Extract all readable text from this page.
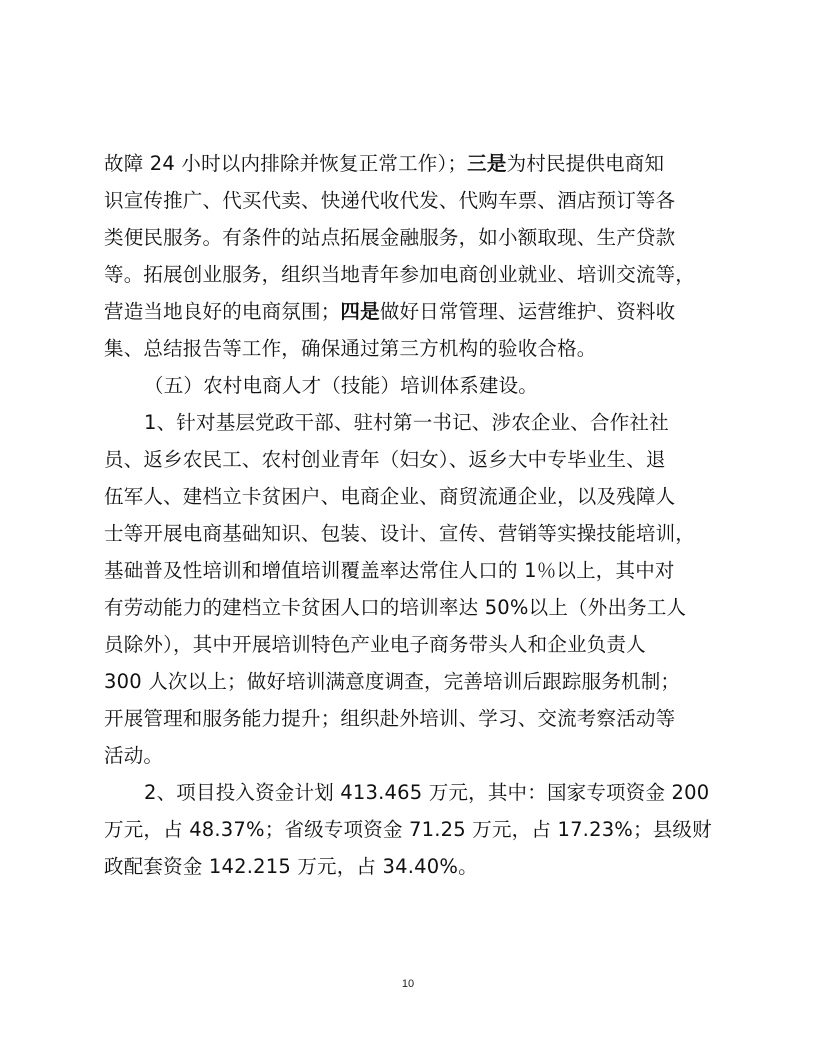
故障 24 小时以内排除并恢复正常工作）；三是为村民提供电商知
识宣传推广、代买代卖、快递代收代发、代购车票、酒店预订等各
类便民服务。有条件的站点拓展金融服务，如小额取现、生产贷款
等。拓展创业服务，组织当地青年参加电商创业就业、培训交流等，
营造当地良好的电商氛围；四是做好日常管理、运营维护、资料收
集、总结报告等工作，确保通过第三方机构的验收合格。
（五）农村电商人才（技能）培训体系建设。
1、针对基层党政干部、驻村第一书记、涉农企业、合作社社
员、返乡农民工、农村创业青年（妇女）、返乡大中专毕业生、退
伍军人、建档立卡贫困户、电商企业、商贸流通企业，以及残障人
士等开展电商基础知识、包装、设计、宣传、营销等实操技能培训，
基础普及性培训和增值培训覆盖率达常住人口的 1％以上，其中对
有劳动能力的建档立卡贫困人口的培训率达 50%以上（外出务工人
员除外），其中开展培训特色产业电子商务带头人和企业负责人
300 人次以上；做好培训满意度调查，完善培训后跟踪服务机制；
开展管理和服务能力提升；组织赴外培训、学习、交流考察活动等
活动。
2、项目投入资金计划 413.465 万元，其中：国家专项资金 200
万元，占 48.37%；省级专项资金 71.25 万元，占 17.23%；县级财
政配套资金 142.215 万元，占 34.40%。
10
